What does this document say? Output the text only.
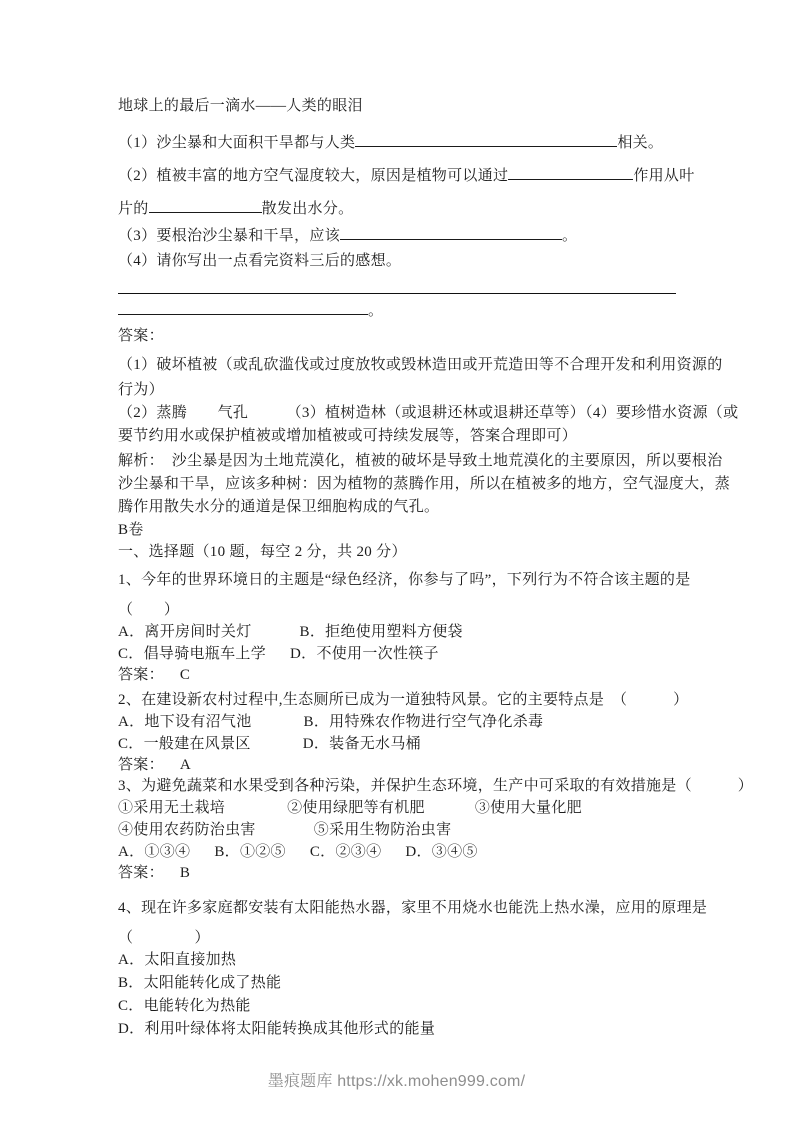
地球上的最后一滴水——人类的眼泪
（1）沙尘暴和大面积干旱都与人类	相关。
（2）植被丰富的地方空气湿度较大，原因是植物可以通过	作用从叶
片的	散发出水分。
（3）要根治沙尘暴和干旱，应该	。
（4）请你写出一点看完资料三后的感想。
。
答案：
（1）破坏植被（或乱砍滥伐或过度放牧或毁林造田或开荒造田等不合理开发和利用资源的
行为）
（2）蒸腾　　气孔　　　（3）植树造林（或退耕还林或退耕还草等）（4）要珍惜水资源（或
要节约用水或保护植被或增加植被或可持续发展等，答案合理即可）
解析：　沙尘暴是因为土地荒漠化，植被的破坏是导致土地荒漠化的主要原因，所以要根治
沙尘暴和干旱，应该多种树：因为植物的蒸腾作用，所以在植被多的地方，空气湿度大，蒸
腾作用散失水分的通道是保卫细胞构成的气孔。
B卷
一、选择题（10 题，每空 2 分，共 20 分）
1、今年的世界环境日的主题是“绿色经济，你参与了吗”，下列行为不符合该主题的是
（　　）
A．离开房间时关灯	B．拒绝使用塑料方便袋
C．倡导骑电瓶车上学 D．不使用一次性筷子
答案： C
2、在建设新农村过程中,生态厕所已成为一道独特风景。它的主要特点是　（　　　）
A．地下设有沼气池	B．用特殊农作物进行空气净化杀毒
C．一般建在风景区	D．装备无水马桶
答案： A
3、为避免蔬菜和水果受到各种污染，并保护生态环境，生产中可采取的有效措施是（　　　）
①采用无土栽培	②使用绿肥等有机肥	③使用大量化肥
④使用农药防治虫害	⑤采用生物防治虫害
A．①③④ B．①②⑤ C．②③④ D．③④⑤
答案： B
4、现在许多家庭都安装有太阳能热水器，家里不用烧水也能洗上热水澡，应用的原理是
（　　　　）
A．太阳直接加热
B．太阳能转化成了热能
C．电能转化为热能
D．利用叶绿体将太阳能转换成其他形式的能量
墨痕题库 https://xk.mohen999.com/
